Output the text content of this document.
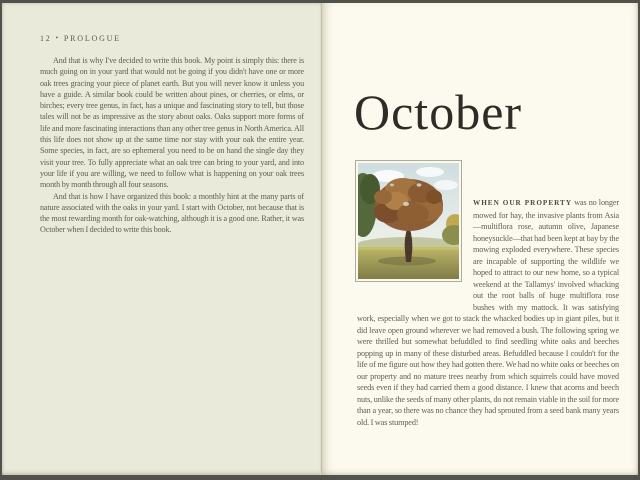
12 • PROLOGUE

And that is why I've decided to write this book. My point is simply this: there is much going on in your yard that would not be going if you didn't have one or more oak trees gracing your piece of planet earth. But you will never know it unless you have a guide. A similar book could be written about pines, or cherries, or elms, or birches; every tree genus, in fact, has a unique and fascinating story to tell, but those tales will not be as impressive as the story about oaks. Oaks support more forms of life and more fascinating interactions than any other tree genus in North America. All this life does not show up at the same time nor stay with your oak the entire year. Some species, in fact, are so ephemeral you need to be on hand the single day they visit your tree. To fully appreciate what an oak tree can bring to your yard, and into your life if you are willing, we need to follow what is happening on your oak trees month by month through all four seasons.

And that is how I have organized this book: a monthly hint at the many parts of nature associated with the oaks in your yard. I start with October, not because that is the most rewarding month for oak-watching, although it is a good one. Rather, it was October when I decided to write this book.

October
WHEN OUR PROPERTY was no longer mowed for hay, the invasive plants from Asia—multiflora rose, autumn olive, Japanese honeysuckle—that had been kept at bay by the mowing exploded everywhere. These species are incapable of supporting the wildlife we hoped to attract to our new home, so a typical weekend at the Tallamys' involved whacking out the root balls of huge multiflora rose bushes with my mattock. It was satisfying work, especially when we got to stack the whacked bodies up in giant piles, but it did leave open ground wherever we had removed a bush. The following spring we were thrilled but somewhat befuddled to find seedling white oaks and beeches popping up in many of these disturbed areas. Befuddled because I couldn't for the life of me figure out how they had gotten there. We had no white oaks or beeches on our property and no mature trees nearby from which squirrels could have moved seeds even if they had carried them a good distance. I knew that acorns and beech nuts, unlike the seeds of many other plants, do not remain viable in the soil for more than a year, so there was no chance they had sprouted from a seed bank many years old. I was stumped!
